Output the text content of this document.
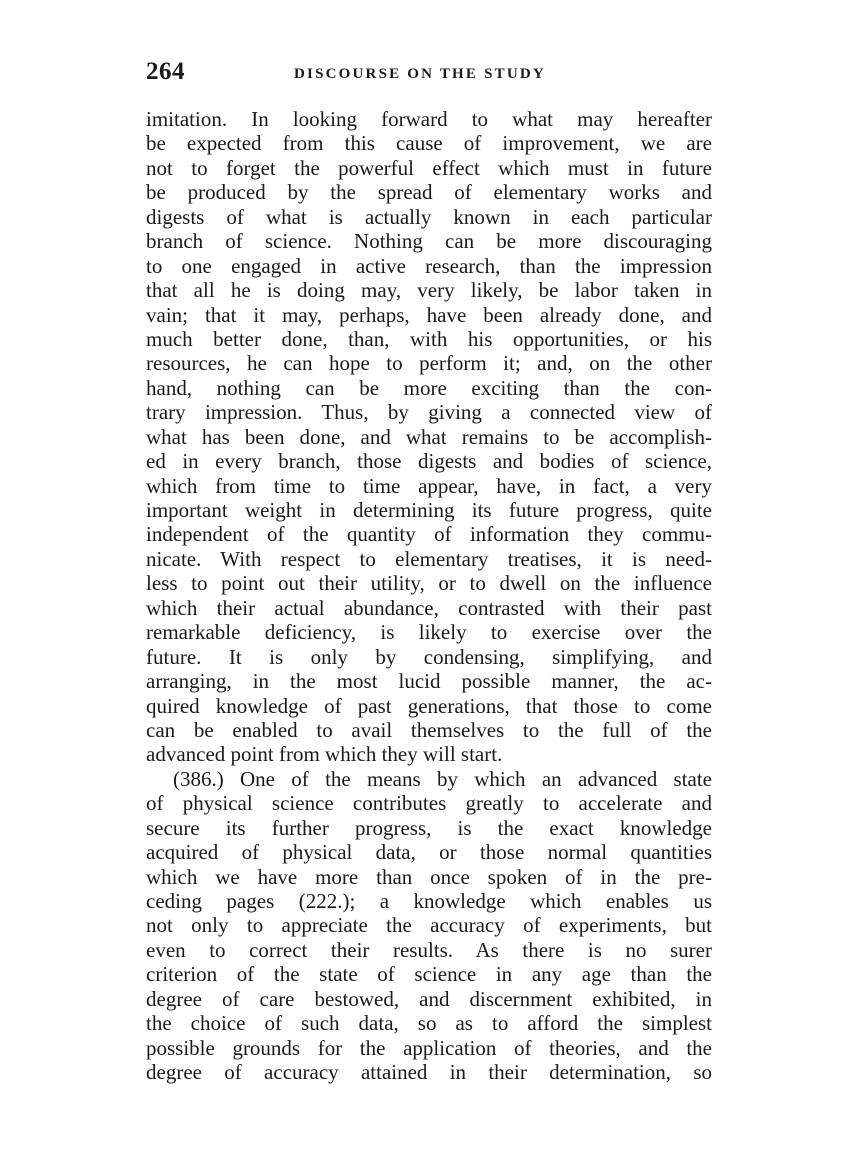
264	DISCOURSE ON THE STUDY
imitation. In looking forward to what may hereafter
be expected from this cause of improvement, we are
not to forget the powerful effect which must in future
be produced by the spread of elementary works and
digests of what is actually known in each particular
branch of science. Nothing can be more discouraging
to one engaged in active research, than the impression
that all he is doing may, very likely, be labor taken in
vain; that it may, perhaps, have been already done, and
much better done, than, with his opportunities, or his
resources, he can hope to perform it; and, on the other
hand, nothing can be more exciting than the con-
trary impression. Thus, by giving a connected view of
what has been done, and what remains to be accomplish-
ed in every branch, those digests and bodies of science,
which from time to time appear, have, in fact, a very
important weight in determining its future progress, quite
independent of the quantity of information they commu-
nicate. With respect to elementary treatises, it is need-
less to point out their utility, or to dwell on the influence
which their actual abundance, contrasted with their past
remarkable deficiency, is likely to exercise over the
future. It is only by condensing, simplifying, and
arranging, in the most lucid possible manner, the ac-
quired knowledge of past generations, that those to come
can be enabled to avail themselves to the full of the
advanced point from which they will start.
(386.) One of the means by which an advanced state
of physical science contributes greatly to accelerate and
secure its further progress, is the exact knowledge
acquired of physical data, or those normal quantities
which we have more than once spoken of in the pre-
ceding pages (222.); a knowledge which enables us
not only to appreciate the accuracy of experiments, but
even to correct their results. As there is no surer
criterion of the state of science in any age than the
degree of care bestowed, and discernment exhibited, in
the choice of such data, so as to afford the simplest
possible grounds for the application of theories, and the
degree of accuracy attained in their determination, so
